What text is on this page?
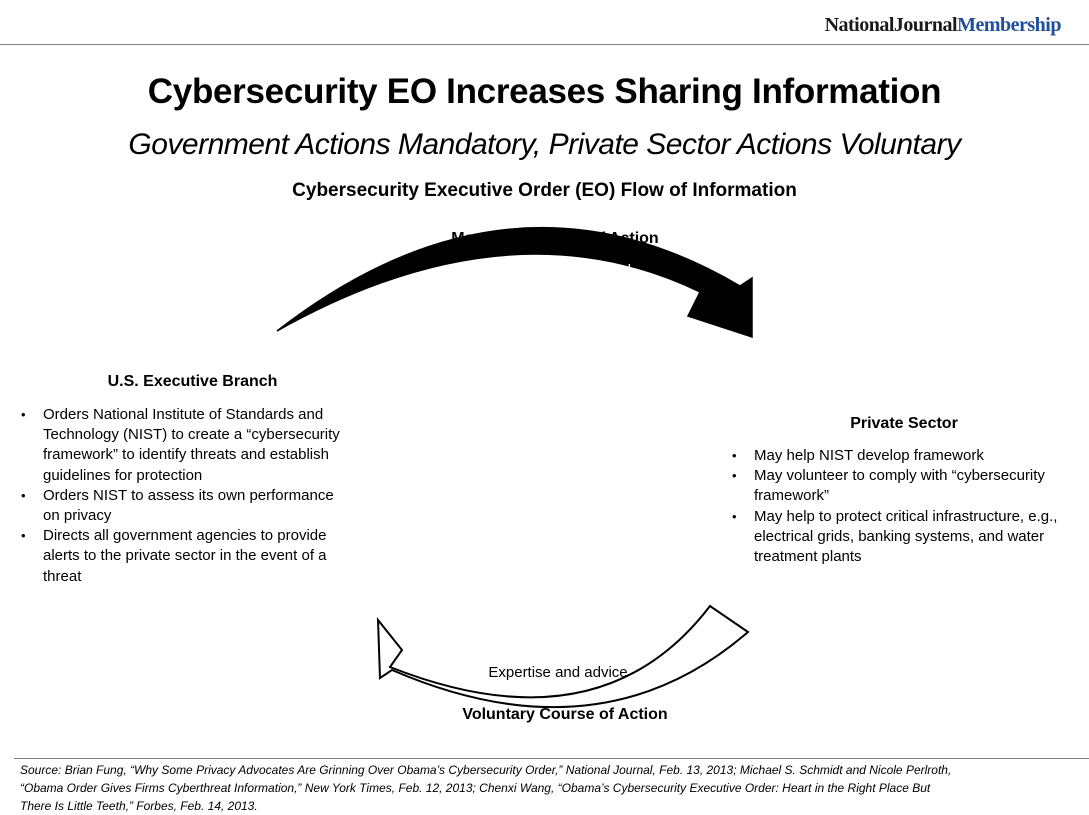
NationalJournalMembership
Cybersecurity EO Increases Sharing Information
Government Actions Mandatory, Private Sector Actions Voluntary
Cybersecurity Executive Order (EO) Flow of Information
Mandated Course of Action
Recommendations and
detected threats
Expertise and advice
Voluntary Course of Action
U.S. Executive Branch
• Orders National Institute of Standards and
Technology (NIST) to create a “cybersecurity
framework” to identify threats and establish
guidelines for protection
• Orders NIST to assess its own performance
on privacy
• Directs all government agencies to provide
alerts to the private sector in the event of a
threat
Private Sector
• May help NIST develop framework
• May volunteer to comply with “cybersecurity
framework”
• May help to protect critical infrastructure, e.g.,
electrical grids, banking systems, and water
treatment plants
Source: Brian Fung, “Why Some Privacy Advocates Are Grinning Over Obama’s Cybersecurity Order,” National Journal, Feb. 13, 2013; Michael S. Schmidt and Nicole Perlroth,
“Obama Order Gives Firms Cyberthreat Information,” New York Times, Feb. 12, 2013; Chenxi Wang, “Obama’s Cybersecurity Executive Order: Heart in the Right Place But
There Is Little Teeth,” Forbes, Feb. 14, 2013.
